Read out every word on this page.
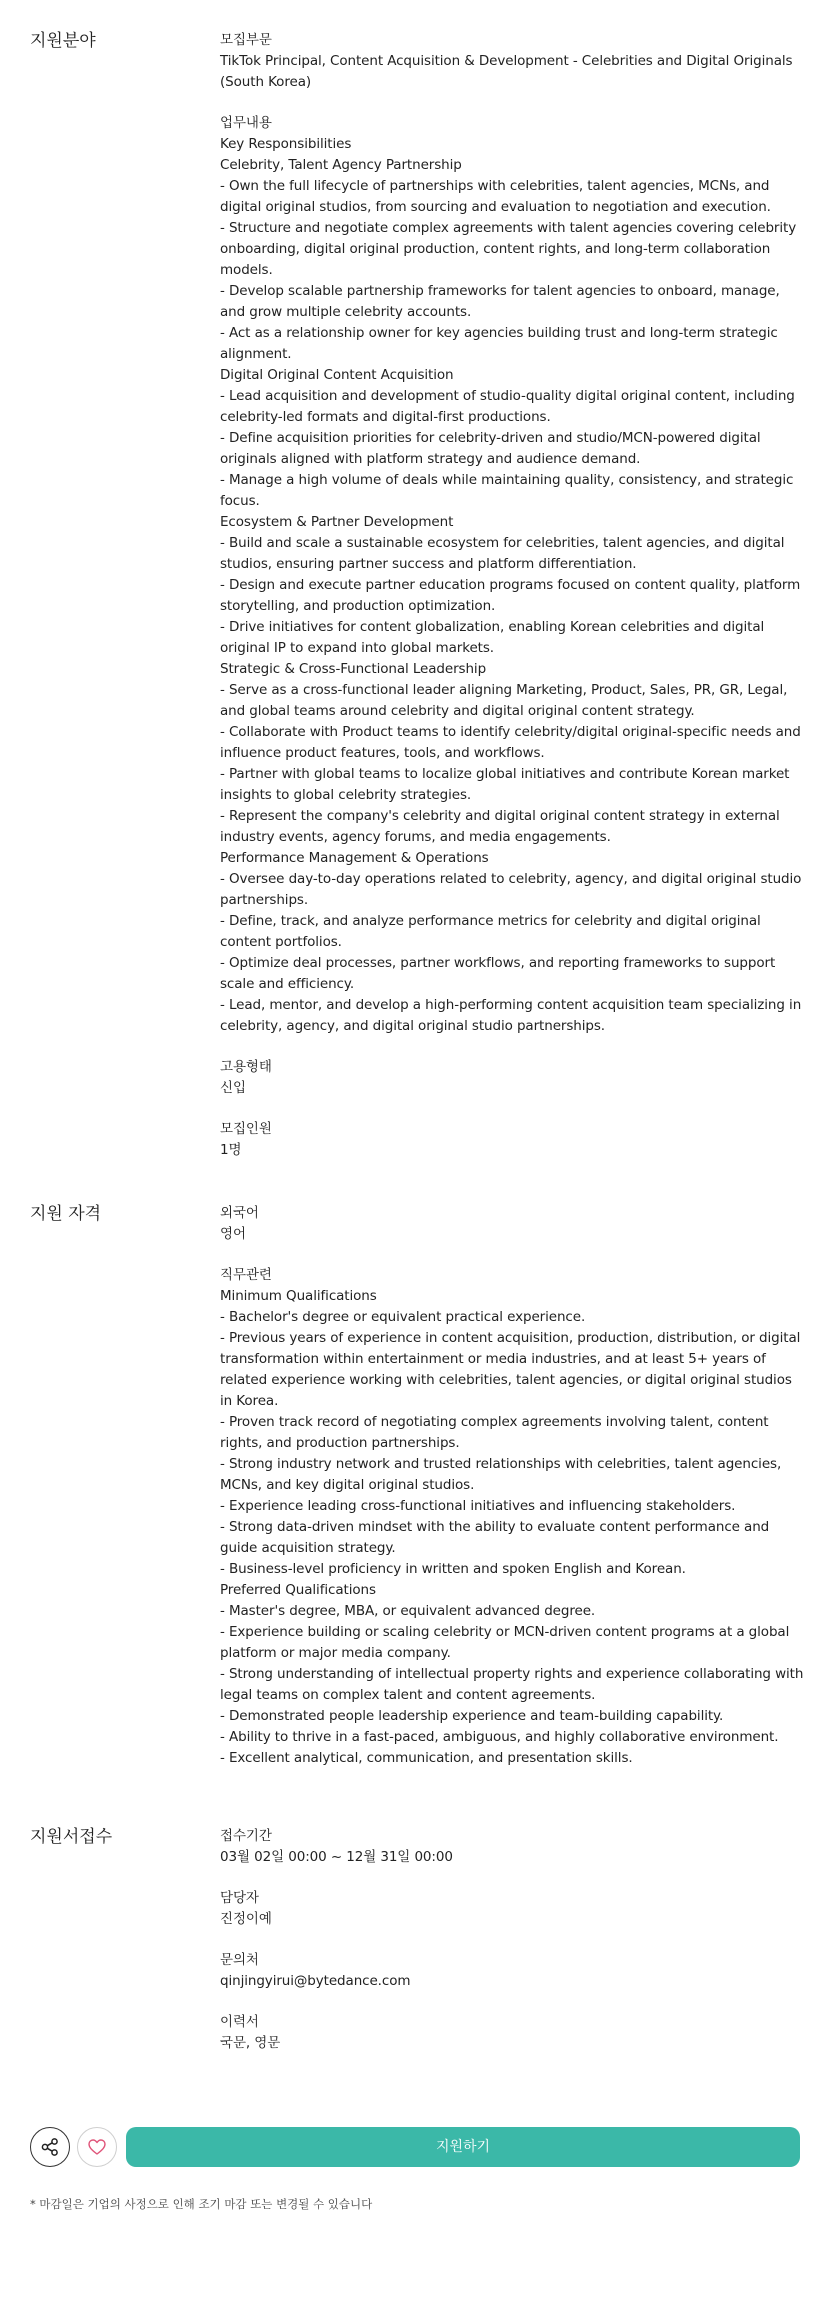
지원분야	모집부문

TikTok Principal, Content Acquisition & Development - Celebrities and Digital Originals (South Korea)

업무내용

Key Responsibilities
Celebrity, Talent Agency Partnership
- Own the full lifecycle of partnerships with celebrities, talent agencies, MCNs, and digital original studios, from sourcing and evaluation to negotiation and execution.
- Structure and negotiate complex agreements with talent agencies covering celebrity onboarding, digital original production, content rights, and long-term collaboration models.
- Develop scalable partnership frameworks for talent agencies to onboard, manage, and grow multiple celebrity accounts.
- Act as a relationship owner for key agencies building trust and long-term strategic alignment.
Digital Original Content Acquisition
- Lead acquisition and development of studio-quality digital original content, including celebrity-led formats and digital-first productions.
- Define acquisition priorities for celebrity-driven and studio/MCN-powered digital originals aligned with platform strategy and audience demand.
- Manage a high volume of deals while maintaining quality, consistency, and strategic focus.
Ecosystem & Partner Development
- Build and scale a sustainable ecosystem for celebrities, talent agencies, and digital studios, ensuring partner success and platform differentiation.
- Design and execute partner education programs focused on content quality, platform storytelling, and production optimization.
- Drive initiatives for content globalization, enabling Korean celebrities and digital original IP to expand into global markets.
Strategic & Cross-Functional Leadership
- Serve as a cross-functional leader aligning Marketing, Product, Sales, PR, GR, Legal, and global teams around celebrity and digital original content strategy.
- Collaborate with Product teams to identify celebrity/digital original-specific needs and influence product features, tools, and workflows.
- Partner with global teams to localize global initiatives and contribute Korean market insights to global celebrity strategies.
- Represent the company's celebrity and digital original content strategy in external industry events, agency forums, and media engagements.
Performance Management & Operations
- Oversee day-to-day operations related to celebrity, agency, and digital original studio partnerships.
- Define, track, and analyze performance metrics for celebrity and digital original content portfolios.
- Optimize deal processes, partner workflows, and reporting frameworks to support scale and efficiency.
- Lead, mentor, and develop a high-performing content acquisition team specializing in celebrity, agency, and digital original studio partnerships.

고용형태

신입

모집인원

1명

지원 자격	외국어

영어

직무관련

Minimum Qualifications
- Bachelor's degree or equivalent practical experience.
- Previous years of experience in content acquisition, production, distribution, or digital transformation within entertainment or media industries, and at least 5+ years of related experience working with celebrities, talent agencies, or digital original studios in Korea.
- Proven track record of negotiating complex agreements involving talent, content rights, and production partnerships.
- Strong industry network and trusted relationships with celebrities, talent agencies, MCNs, and key digital original studios.
- Experience leading cross-functional initiatives and influencing stakeholders.
- Strong data-driven mindset with the ability to evaluate content performance and guide acquisition strategy.
- Business-level proficiency in written and spoken English and Korean.
Preferred Qualifications
- Master's degree, MBA, or equivalent advanced degree.
- Experience building or scaling celebrity or MCN-driven content programs at a global platform or major media company.
- Strong understanding of intellectual property rights and experience collaborating with legal teams on complex talent and content agreements.
- Demonstrated people leadership experience and team-building capability.
- Ability to thrive in a fast-paced, ambiguous, and highly collaborative environment.
- Excellent analytical, communication, and presentation skills.

지원서접수	접수기간

03월 02일 00:00 ~ 12월 31일 00:00

담당자

진정이예

문의처

qinjingyirui@bytedance.com

이력서

국문, 영문

지원하기
* 마감일은 기업의 사정으로 인해 조기 마감 또는 변경될 수 있습니다
